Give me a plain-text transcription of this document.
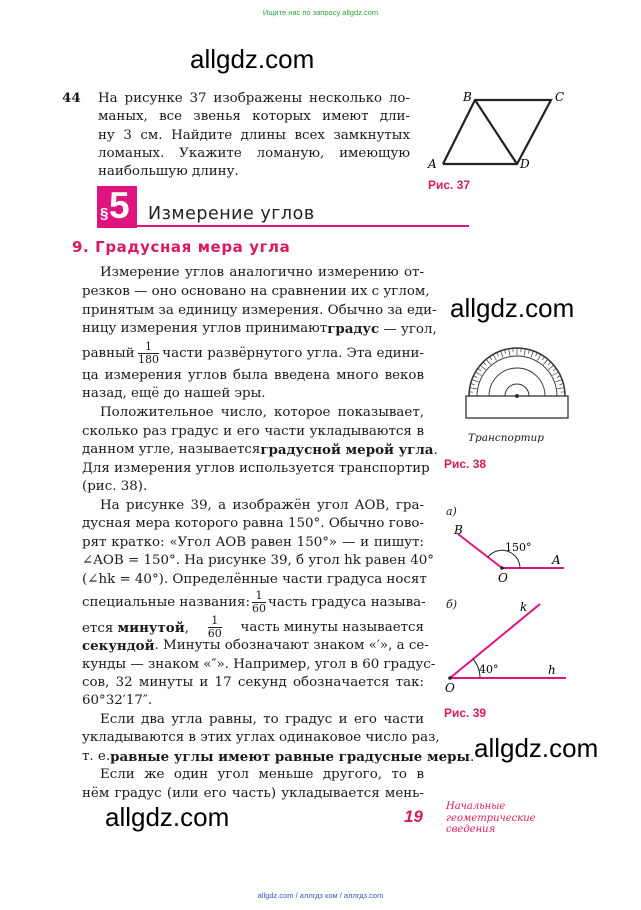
Ищите нас по запросу allgdz.com
allgdz.com
allgdz.com
allgdz.com
allgdz.com
44 На рисунке 37 изображены несколько ло-
маных, все звенья которых имеют дли-
ну 3 см. Найдите длины всех замкнутых
ломаных. Укажите ломаную, имеющую
наибольшую длину.
B	C
A	D
Рис. 37
§ 5 Измерение углов
9. Градусная мера угла
Измерение углов аналогично измерению от-
резков — оно основано на сравнении их с углом,
принятым за единицу измерения. Обычно за еди-
ницу измерения углов принимают градус — угол,
равный $\frac{1}{180}$ части развёрнутого угла. Эта едини-
ца измерения углов была введена много веков
назад, ещё до нашей эры.
Положительное число, которое показывает,
сколько раз градус и его части укладываются в
данном угле, называется градусной мерой угла.
Для измерения углов используется транспортир
(рис. 38).
На рисунке 39, а изображён угол AOB, гра-
дусная мера которого равна 150°. Обычно гово-
рят кратко: «Угол AOB равен 150°» — и пишут:
∠AOB = 150°. На рисунке 39, б угол hk равен 40°
(∠hk = 40°). Определённые части градуса носят
специальные названия: $\frac{1}{60}$ часть градуса называ-
ется минутой, $\frac{1}{60}$ часть минуты называется
секундой . Минуты обозначают знаком «′», а се-
кунды — знаком «″». Например, угол в 60 градус-
сов, 32 минуты и 17 секунд обозначается так:
60°32′17″.
Если два угла равны, то градус и его части
укладываются в этих углах одинаковое число раз,
т. е. равные углы имеют равные градусные меры.
Если же один угол меньше другого, то в
нём градус (или его часть) укладывается мень-
Транспортир
Рис. 38
а)
B
O
A
150°
б)	k
O
h
40°
Рис. 39
19
Начальные
геометрические
сведения
allgdz.com / аллгдз ком / аллгдз.com
